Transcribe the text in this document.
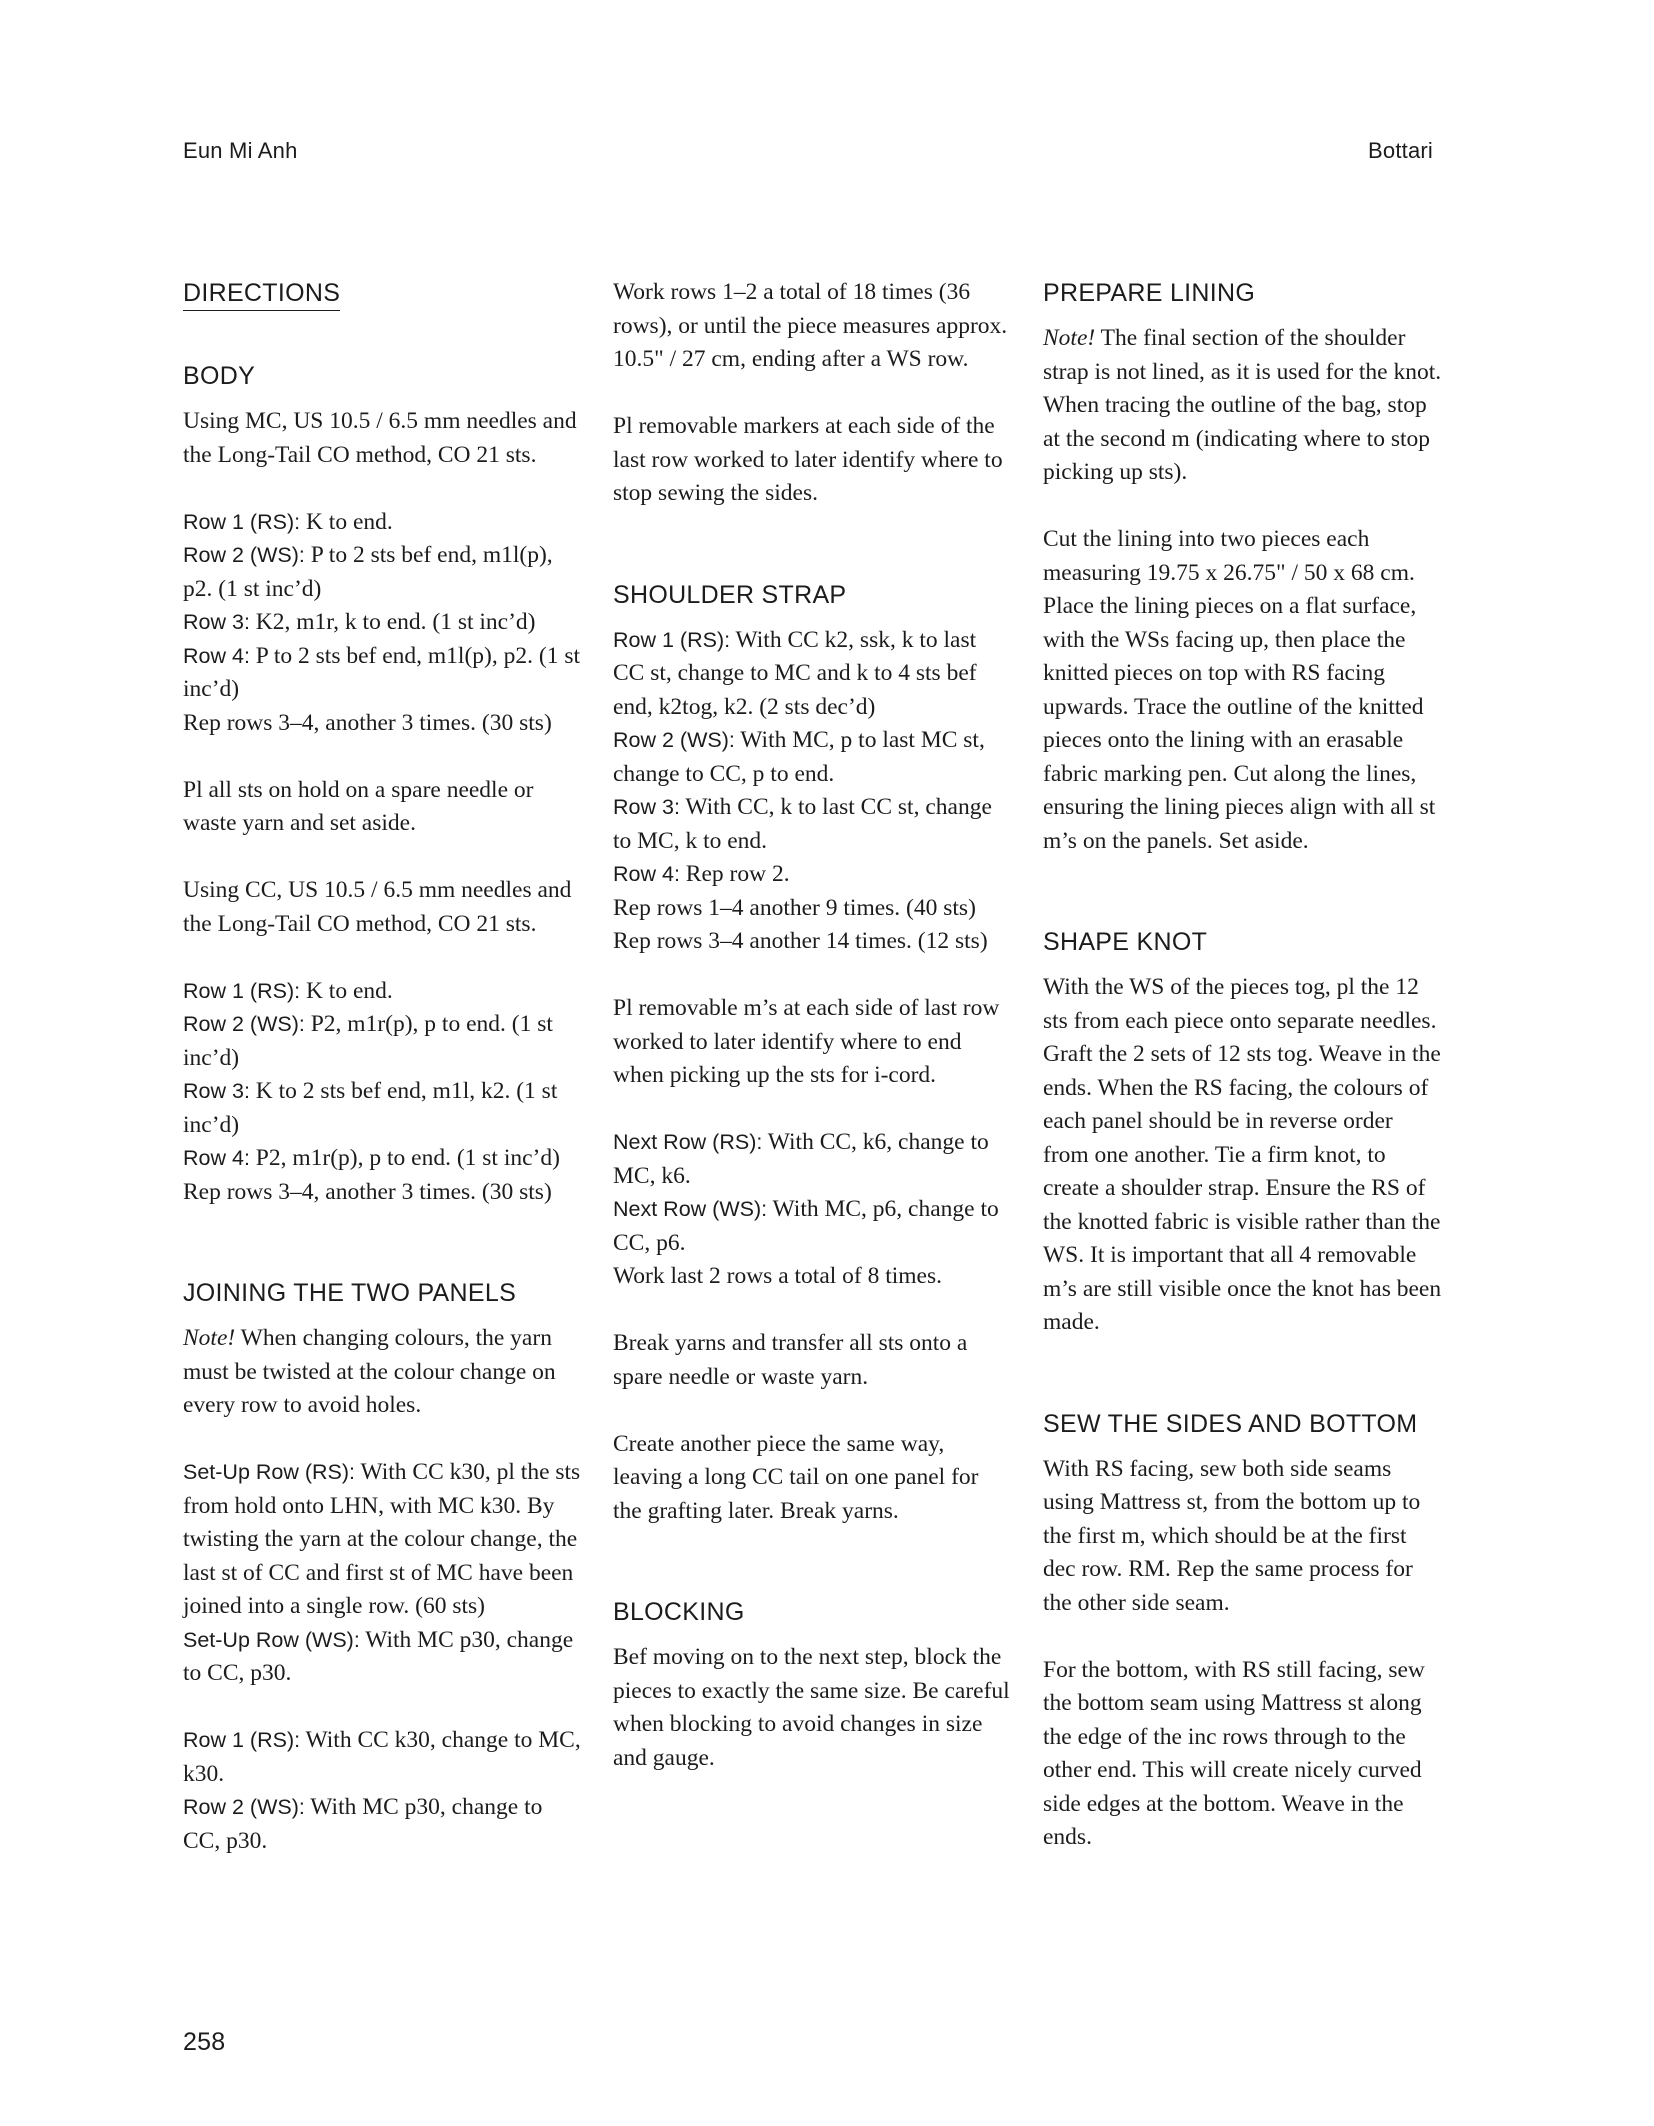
Eun Mi Anh	Bottari
DIRECTIONS
BODY

Using MC, US 10.5 / 6.5 mm needles and the Long-Tail CO method, CO 21 sts.

Row 1 (RS): K to end.

Row 2 (WS): P to 2 sts bef end, m1l(p), p2. (1 st inc’d)

Row 3: K2, m1r, k to end. (1 st inc’d)

Row 4: P to 2 sts bef end, m1l(p), p2. (1 st inc’d)

Rep rows 3–4, another 3 times. (30 sts)

Pl all sts on hold on a spare needle or waste yarn and set aside.

Using CC, US 10.5 / 6.5 mm needles and the Long-Tail CO method, CO 21 sts.

Row 1 (RS): K to end.

Row 2 (WS): P2, m1r(p), p to end. (1 st inc’d)

Row 3: K to 2 sts bef end, m1l, k2. (1 st inc’d)

Row 4: P2, m1r(p), p to end. (1 st inc’d)

Rep rows 3–4, another 3 times. (30 sts)

JOINING THE TWO PANELS

Note! When changing colours, the yarn must be twisted at the colour change on every row to avoid holes.

Set-Up Row (RS): With CC k30, pl the sts from hold onto LHN, with MC k30. By twisting the yarn at the colour change, the last st of CC and first st of MC have been joined into a single row. (60 sts)

Set-Up Row (WS): With MC p30, change to CC, p30.

Row 1 (RS): With CC k30, change to MC, k30.

Row 2 (WS): With MC p30, change to CC, p30.

Work rows 1–2 a total of 18 times (36 rows), or until the piece measures approx. 10.5" / 27 cm, ending after a WS row.

Pl removable markers at each side of the last row worked to later identify where to stop sewing the sides.

SHOULDER STRAP

Row 1 (RS): With CC k2, ssk, k to last CC st, change to MC and k to 4 sts bef end, k2tog, k2. (2 sts dec’d)

Row 2 (WS): With MC, p to last MC st, change to CC, p to end.

Row 3: With CC, k to last CC st, change to MC, k to end.

Row 4: Rep row 2.

Rep rows 1–4 another 9 times. (40 sts)

Rep rows 3–4 another 14 times. (12 sts)

Pl removable m’s at each side of last row worked to later identify where to end when picking up the sts for i-cord.

Next Row (RS): With CC, k6, change to MC, k6.

Next Row (WS): With MC, p6, change to CC, p6.

Work last 2 rows a total of 8 times.

Break yarns and transfer all sts onto a spare needle or waste yarn.

Create another piece the same way, leaving a long CC tail on one panel for the grafting later. Break yarns.

BLOCKING

Bef moving on to the next step, block the pieces to exactly the same size. Be careful when blocking to avoid changes in size and gauge.

PREPARE LINING

Note! The final section of the shoulder strap is not lined, as it is used for the knot. When tracing the outline of the bag, stop at the second m (indicating where to stop picking up sts).

Cut the lining into two pieces each measuring 19.75 x 26.75" / 50 x 68 cm. Place the lining pieces on a flat surface, with the WSs facing up, then place the knitted pieces on top with RS facing upwards. Trace the outline of the knitted pieces onto the lining with an erasable fabric marking pen. Cut along the lines, ensuring the lining pieces align with all st m’s on the panels. Set aside.

SHAPE KNOT

With the WS of the pieces tog, pl the 12 sts from each piece onto separate needles. Graft the 2 sets of 12 sts tog. Weave in the ends. When the RS facing, the colours of each panel should be in reverse order from one another. Tie a firm knot, to create a shoulder strap. Ensure the RS of the knotted fabric is visible rather than the WS. It is important that all 4 removable m’s are still visible once the knot has been made.

SEW THE SIDES AND BOTTOM

With RS facing, sew both side seams using Mattress st, from the bottom up to the first m, which should be at the first dec row. RM. Rep the same process for the other side seam.

For the bottom, with RS still facing, sew the bottom seam using Mattress st along the edge of the inc rows through to the other end. This will create nicely curved side edges at the bottom. Weave in the ends.

258
